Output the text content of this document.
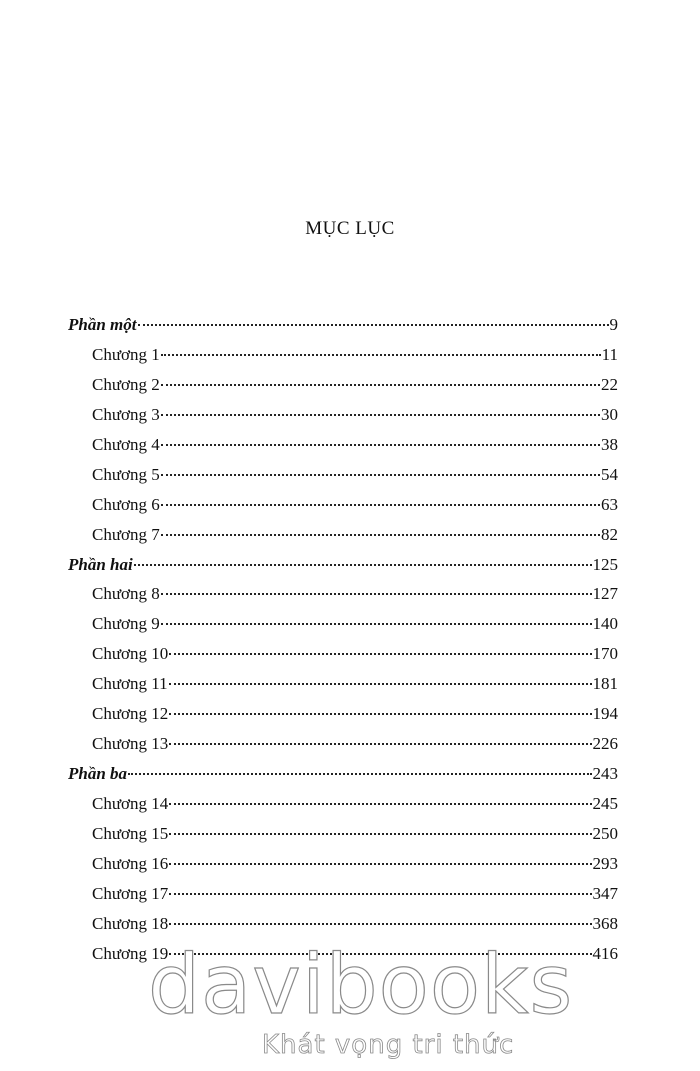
MỤC LỤC
Phần một	9
Chương 1	11
Chương 2	22
Chương 3	30
Chương 4	38
Chương 5	54
Chương 6	63
Chương 7	82
Phần hai	125
Chương 8	127
Chương 9	140
Chương 10	170
Chương 11	181
Chương 12	194
Chương 13	226
Phần ba	243
Chương 14	245
Chương 15	250
Chương 16	293
Chương 17	347
Chương 18	368
Chương 19	416
davibooks
Khát vọng tri thức
